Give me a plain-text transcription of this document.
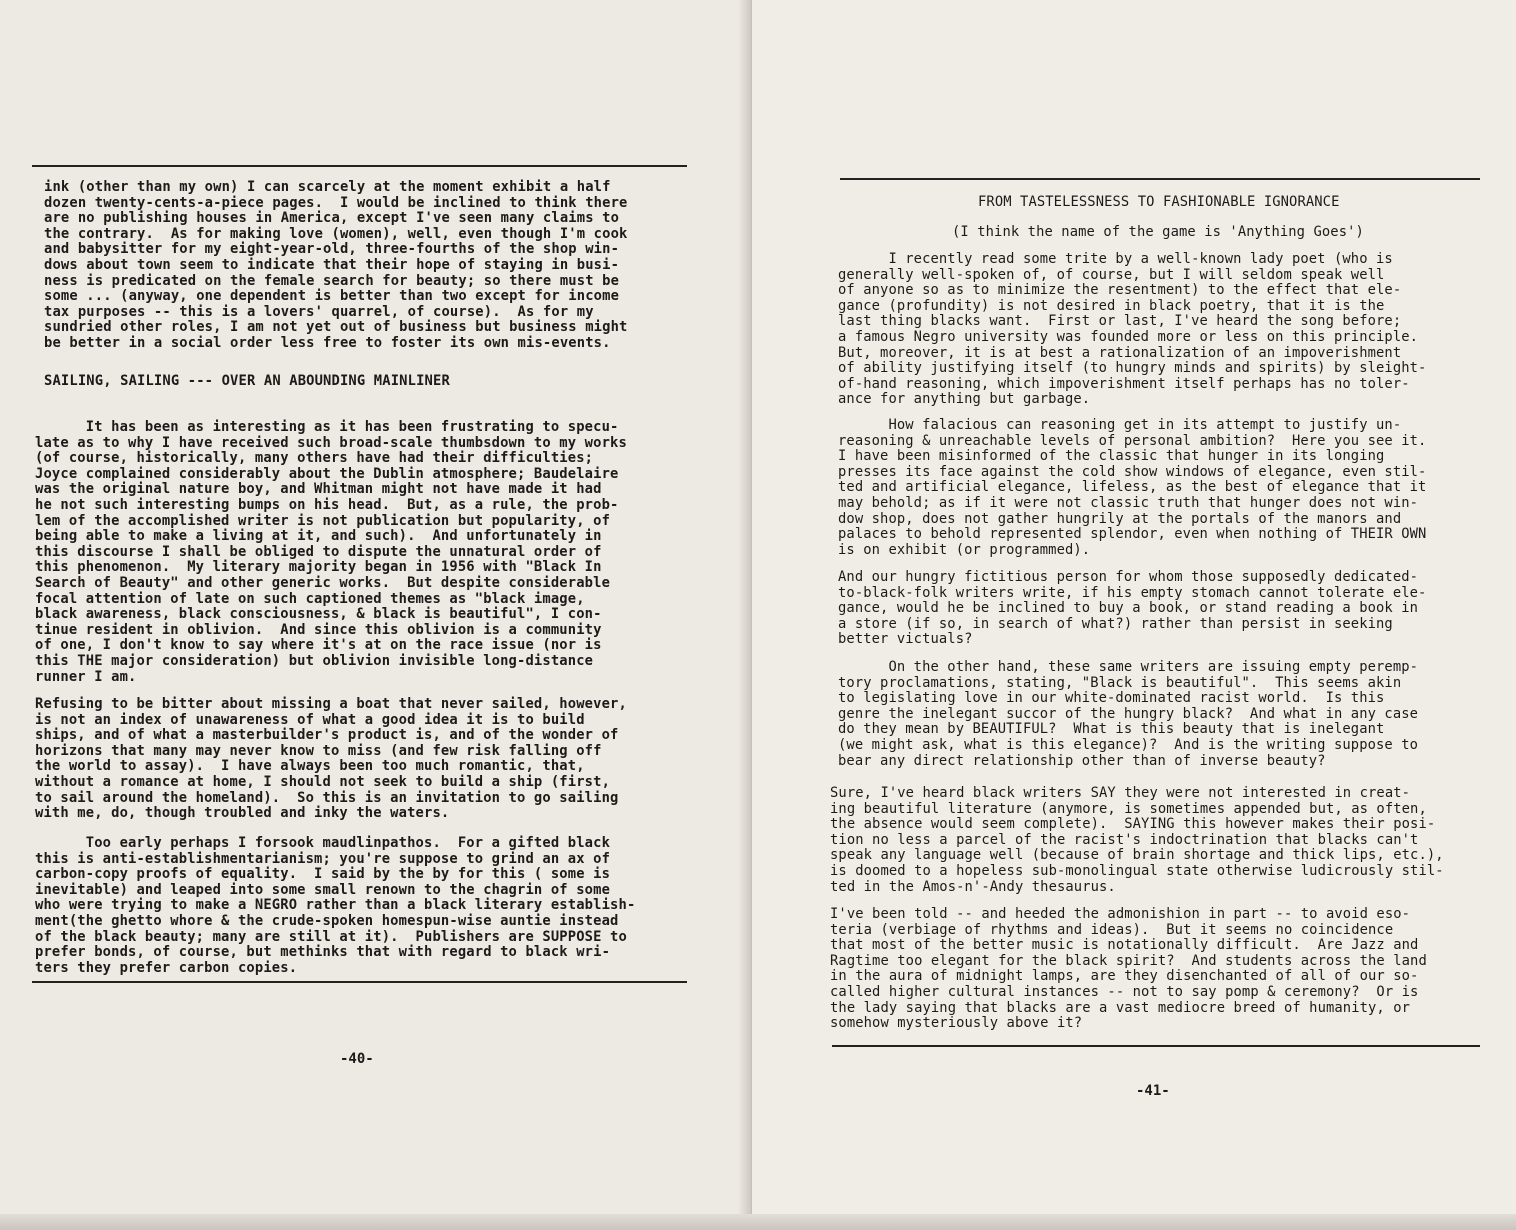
ink (other than my own) I can scarcely at the moment exhibit a half
dozen twenty-cents-a-piece pages.  I would be inclined to think there
are no publishing houses in America, except I've seen many claims to
the contrary.  As for making love (women), well, even though I'm cook
and babysitter for my eight-year-old, three-fourths of the shop win-
dows about town seem to indicate that their hope of staying in busi-
ness is predicated on the female search for beauty; so there must be
some ... (anyway, one dependent is better than two except for income
tax purposes -- this is a lovers' quarrel, of course).  As for my
sundried other roles, I am not yet out of business but business might
be better in a social order less free to foster its own mis-events.

SAILING, SAILING --- OVER AN ABOUNDING MAINLINER

It has been as interesting as it has been frustrating to specu-
late as to why I have received such broad-scale thumbsdown to my works
(of course, historically, many others have had their difficulties;
Joyce complained considerably about the Dublin atmosphere; Baudelaire
was the original nature boy, and Whitman might not have made it had
he not such interesting bumps on his head.  But, as a rule, the prob-
lem of the accomplished writer is not publication but popularity, of
being able to make a living at it, and such).  And unfortunately in
this discourse I shall be obliged to dispute the unnatural order of
this phenomenon.  My literary majority began in 1956 with "Black In
Search of Beauty" and other generic works.  But despite considerable
focal attention of late on such captioned themes as "black image,
black awareness, black consciousness, & black is beautiful", I con-
tinue resident in oblivion.  And since this oblivion is a community
of one, I don't know to say where it's at on the race issue (nor is
this THE major consideration) but oblivion invisible long-distance
runner I am.

Refusing to be bitter about missing a boat that never sailed, however,
is not an index of unawareness of what a good idea it is to build
ships, and of what a masterbuilder's product is, and of the wonder of
horizons that many may never know to miss (and few risk falling off
the world to assay).  I have always been too much romantic, that,
without a romance at home, I should not seek to build a ship (first,
to sail around the homeland).  So this is an invitation to go sailing
with me, do, though troubled and inky the waters.

Too early perhaps I forsook maudlinpathos.  For a gifted black
this is anti-establishmentarianism; you're suppose to grind an ax of
carbon-copy proofs of equality.  I said by the by for this ( some is
inevitable) and leaped into some small renown to the chagrin of some
who were trying to make a NEGRO rather than a black literary establish-
ment(the ghetto whore & the crude-spoken homespun-wise auntie instead
of the black beauty; many are still at it).  Publishers are SUPPOSE to
prefer bonds, of course, but methinks that with regard to black wri-
ters they prefer carbon copies.

-40-

FROM TASTELESSNESS TO FASHIONABLE IGNORANCE

(I think the name of the game is 'Anything Goes')

I recently read some trite by a well-known lady poet (who is
generally well-spoken of, of course, but I will seldom speak well
of anyone so as to minimize the resentment) to the effect that ele-
gance (profundity) is not desired in black poetry, that it is the
last thing blacks want.  First or last, I've heard the song before;
a famous Negro university was founded more or less on this principle.
But, moreover, it is at best a rationalization of an impoverishment
of ability justifying itself (to hungry minds and spirits) by sleight-
of-hand reasoning, which impoverishment itself perhaps has no toler-
ance for anything but garbage.

How falacious can reasoning get in its attempt to justify un-
reasoning & unreachable levels of personal ambition?  Here you see it.
I have been misinformed of the classic that hunger in its longing
presses its face against the cold show windows of elegance, even stil-
ted and artificial elegance, lifeless, as the best of elegance that it
may behold; as if it were not classic truth that hunger does not win-
dow shop, does not gather hungrily at the portals of the manors and
palaces to behold represented splendor, even when nothing of THEIR OWN
is on exhibit (or programmed).

And our hungry fictitious person for whom those supposedly dedicated-
to-black-folk writers write, if his empty stomach cannot tolerate ele-
gance, would he be inclined to buy a book, or stand reading a book in
a store (if so, in search of what?) rather than persist in seeking
better victuals?

On the other hand, these same writers are issuing empty peremp-
tory proclamations, stating, "Black is beautiful".  This seems akin
to legislating love in our white-dominated racist world.  Is this
genre the inelegant succor of the hungry black?  And what in any case
do they mean by BEAUTIFUL?  What is this beauty that is inelegant
(we might ask, what is this elegance)?  And is the writing suppose to
bear any direct relationship other than of inverse beauty?

Sure, I've heard black writers SAY they were not interested in creat-
ing beautiful literature (anymore, is sometimes appended but, as often,
the absence would seem complete).  SAYING this however makes their posi-
tion no less a parcel of the racist's indoctrination that blacks can't
speak any language well (because of brain shortage and thick lips, etc.),
is doomed to a hopeless sub-monolingual state otherwise ludicrously stil-
ted in the Amos-n'-Andy thesaurus.

I've been told -- and heeded the admonishion in part -- to avoid eso-
teria (verbiage of rhythms and ideas).  But it seems no coincidence
that most of the better music is notationally difficult.  Are Jazz and
Ragtime too elegant for the black spirit?  And students across the land
in the aura of midnight lamps, are they disenchanted of all of our so-
called higher cultural instances -- not to say pomp & ceremony?  Or is
the lady saying that blacks are a vast mediocre breed of humanity, or
somehow mysteriously above it?

-41-
